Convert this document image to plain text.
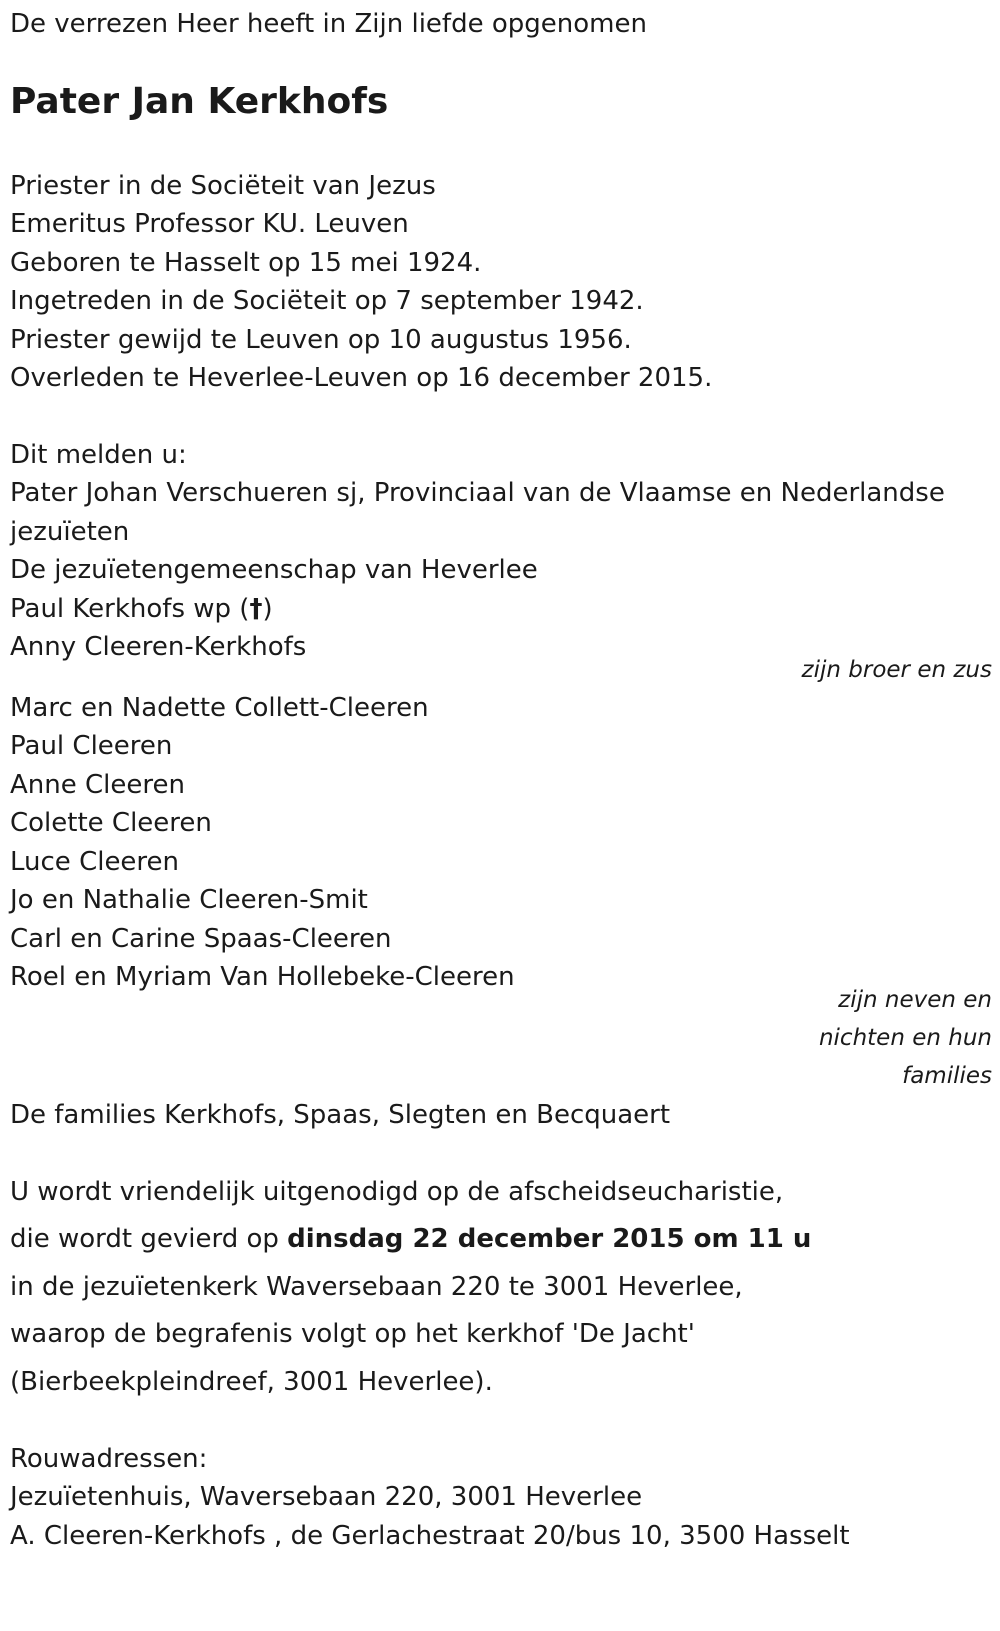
De verrezen Heer heeft in Zijn liefde opgenomen

Pater Jan Kerkhofs

Priester in de Sociëteit van Jezus

Emeritus Professor KU. Leuven

Geboren te Hasselt op 15 mei 1924.

Ingetreden in de Sociëteit op 7 september 1942.

Priester gewijd te Leuven op 10 augustus 1956.

Overleden te Heverlee-Leuven op 16 december 2015.

Dit melden u:

Pater Johan Verschueren sj, Provinciaal van de Vlaamse en Nederlandse

jezuïeten

De jezuïetengemeenschap van Heverlee

Paul Kerkhofs wp (†)

Anny Cleeren-Kerkhofs

zijn broer en zus

Marc en Nadette Collett-Cleeren

Paul Cleeren

Anne Cleeren

Colette Cleeren

Luce Cleeren

Jo en Nathalie Cleeren-Smit

Carl en Carine Spaas-Cleeren

Roel en Myriam Van Hollebeke-Cleeren

zijn neven en
nichten en hun
families

De families Kerkhofs, Spaas, Slegten en Becquaert

U wordt vriendelijk uitgenodigd op de afscheidseucharistie,

die wordt gevierd op dinsdag 22 december 2015 om 11 u

in de jezuïetenkerk Waversebaan 220 te 3001 Heverlee,

waarop de begrafenis volgt op het kerkhof 'De Jacht'

(Bierbeekpleindreef, 3001 Heverlee).

Rouwadressen:

Jezuïetenhuis, Waversebaan 220, 3001 Heverlee

A. Cleeren-Kerkhofs , de Gerlachestraat 20/bus 10, 3500 Hasselt
